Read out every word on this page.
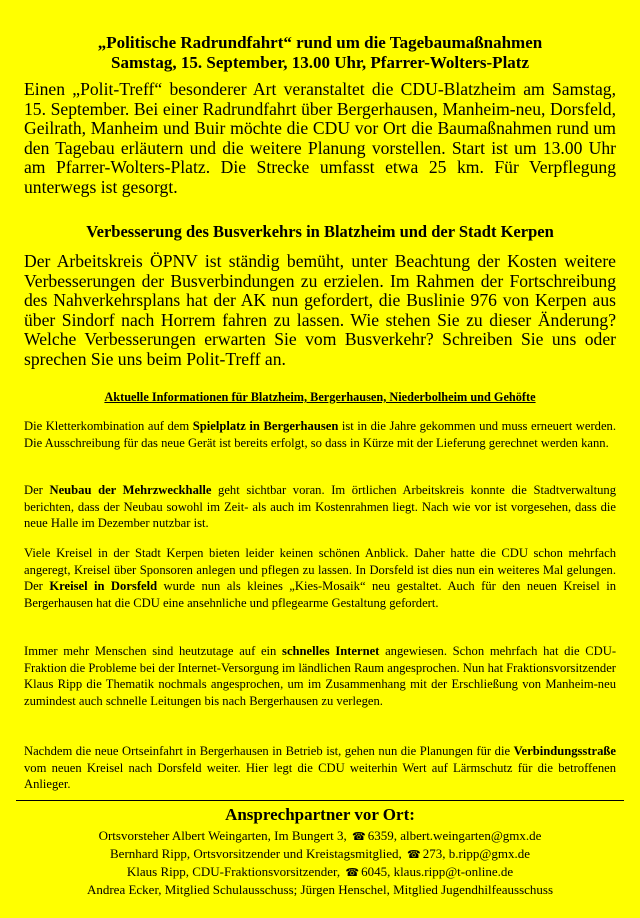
„Politische Radrundfahrt“ rund um die Tagebaumaßnahmen
Samstag, 15. September, 13.00 Uhr, Pfarrer-Wolters-Platz
Einen „Polit-Treff“ besonderer Art veranstaltet die CDU-Blatzheim am Samstag, 15. September. Bei einer Radrundfahrt über Bergerhausen, Manheim-neu, Dorsfeld, Geilrath, Manheim und Buir möchte die CDU vor Ort die Baumaßnahmen rund um den Tagebau erläutern und die weitere Planung vorstellen. Start ist um 13.00 Uhr am Pfarrer-Wolters-Platz. Die Strecke umfasst etwa 25 km. Für Verpflegung unterwegs ist gesorgt.
Verbesserung des Busverkehrs in Blatzheim und der Stadt Kerpen
Der Arbeitskreis ÖPNV ist ständig bemüht, unter Beachtung der Kosten weitere Verbesserungen der Busverbindungen zu erzielen. Im Rahmen der Fortschreibung des Nahverkehrsplans hat der AK nun gefordert, die Buslinie 976 von Kerpen aus über Sindorf nach Horrem fahren zu lassen. Wie stehen Sie zu dieser Änderung? Welche Verbesserungen erwarten Sie vom Busverkehr? Schreiben Sie uns oder sprechen Sie uns beim Polit-Treff an.
Aktuelle Informationen für Blatzheim, Bergerhausen, Niederbolheim und Gehöfte
Die Kletterkombination auf dem Spielplatz in Bergerhausen ist in die Jahre gekommen und muss erneuert werden. Die Ausschreibung für das neue Gerät ist bereits erfolgt, so dass in Kürze mit der Lieferung gerechnet werden kann.
Der Neubau der Mehrzweckhalle geht sichtbar voran. Im örtlichen Arbeitskreis konnte die Stadtverwaltung berichten, dass der Neubau sowohl im Zeit- als auch im Kostenrahmen liegt. Nach wie vor ist vorgesehen, dass die neue Halle im Dezember nutzbar ist.
Viele Kreisel in der Stadt Kerpen bieten leider keinen schönen Anblick. Daher hatte die CDU schon mehrfach angeregt, Kreisel über Sponsoren anlegen und pflegen zu lassen. In Dorsfeld ist dies nun ein weiteres Mal gelungen. Der Kreisel in Dorsfeld wurde nun als kleines „Kies-Mosaik“ neu gestaltet. Auch für den neuen Kreisel in Bergerhausen hat die CDU eine ansehnliche und pflegearme Gestaltung gefordert.
Immer mehr Menschen sind heutzutage auf ein schnelles Internet angewiesen. Schon mehrfach hat die CDU-Fraktion die Probleme bei der Internet-Versorgung im ländlichen Raum angesprochen. Nun hat Fraktionsvorsitzender Klaus Ripp die Thematik nochmals angesprochen, um im Zusammenhang mit der Erschließung von Manheim-neu zumindest auch schnelle Leitungen bis nach Bergerhausen zu verlegen.
Nachdem die neue Ortseinfahrt in Bergerhausen in Betrieb ist, gehen nun die Planungen für die Verbindungsstraße vom neuen Kreisel nach Dorsfeld weiter. Hier legt die CDU weiterhin Wert auf Lärmschutz für die betroffenen Anlieger.
Ansprechpartner vor Ort:
Ortsvorsteher Albert Weingarten, Im Bungert 3, ☎ 6359, albert.weingarten@gmx.de
Bernhard Ripp, Ortsvorsitzender und Kreistagsmitglied, ☎ 273, b.ripp@gmx.de
Klaus Ripp, CDU-Fraktionsvorsitzender, ☎ 6045, klaus.ripp@t-online.de
Andrea Ecker, Mitglied Schulausschuss; Jürgen Henschel, Mitglied Jugendhilfeausschuss
